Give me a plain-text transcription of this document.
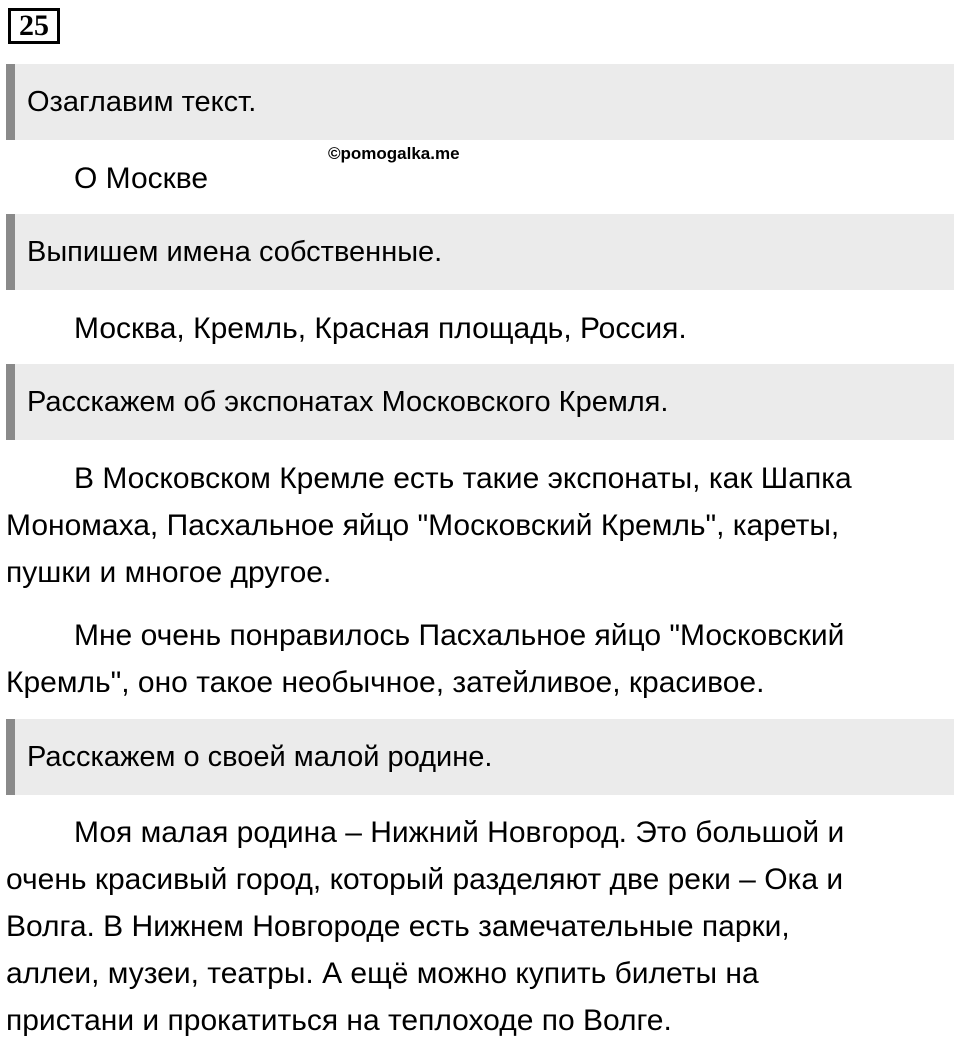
25
Озаглавим текст.
©pomogalka.me

О Москве

Выпишем имена собственные.

Москва, Кремль, Красная площадь, Россия.

Расскажем об экспонатах Московского Кремля.

В Московском Кремле есть такие экспонаты, как Шапка
Мономаха, Пасхальное яйцо "Московский Кремль", кареты,
пушки и многое другое.

Мне очень понравилось Пасхальное яйцо "Московский
Кремль", оно такое необычное, затейливое, красивое.

Расскажем о своей малой родине.

Моя малая родина – Нижний Новгород. Это большой и
очень красивый город, который разделяют две реки – Ока и
Волга. В Нижнем Новгороде есть замечательные парки,
аллеи, музеи, театры. А ещё можно купить билеты на
пристани и прокатиться на теплоходе по Волге.
